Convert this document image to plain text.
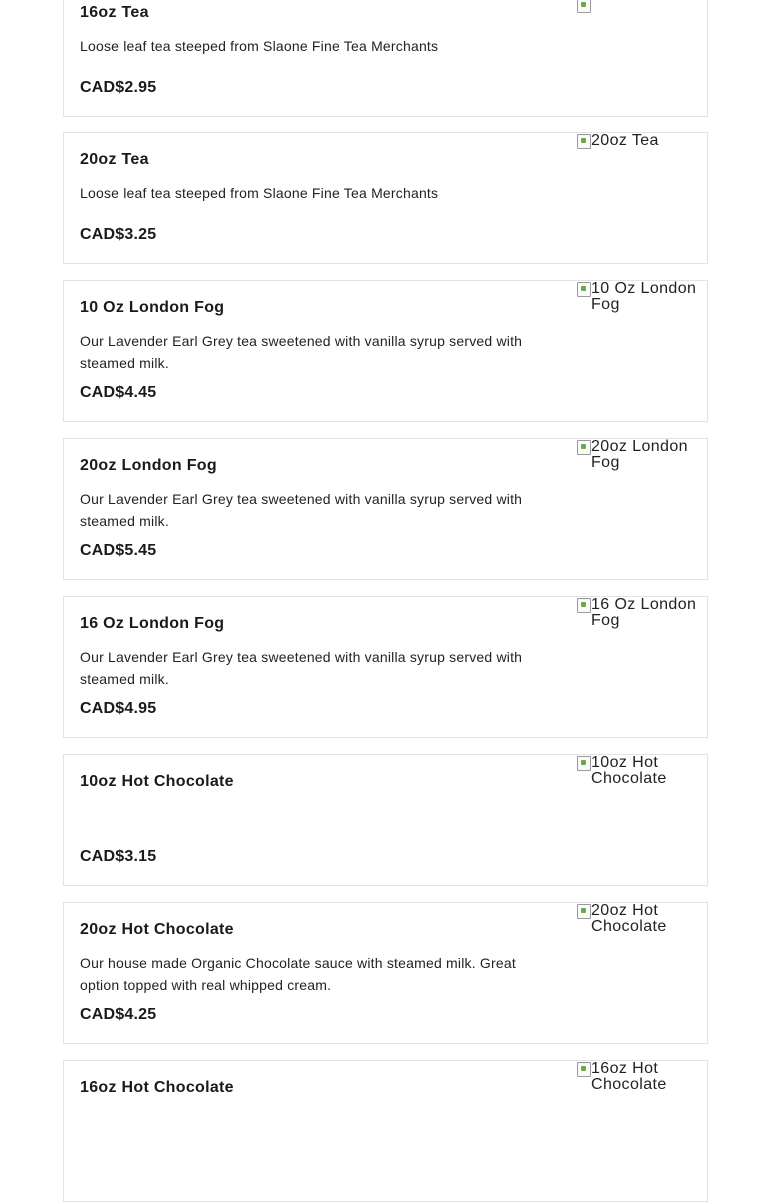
16oz Tea

Loose leaf tea steeped from Slaone Fine Tea Merchants

CAD$2.95

20oz Tea

Loose leaf tea steeped from Slaone Fine Tea Merchants

CAD$3.25

20oz Tea
10 Oz London Fog

Our Lavender Earl Grey tea sweetened with vanilla syrup served with steamed milk.

CAD$4.45

10 Oz London Fog
20oz London Fog

Our Lavender Earl Grey tea sweetened with vanilla syrup served with steamed milk.

CAD$5.45

20oz London Fog
16 Oz London Fog

Our Lavender Earl Grey tea sweetened with vanilla syrup served with steamed milk.

CAD$4.95

16 Oz London Fog
10oz Hot Chocolate

CAD$3.15

10oz Hot Chocolate
20oz Hot Chocolate

Our house made Organic Chocolate sauce with steamed milk. Great option topped with real whipped cream.

CAD$4.25

20oz Hot Chocolate
16oz Hot Chocolate
16oz Hot Chocolate
